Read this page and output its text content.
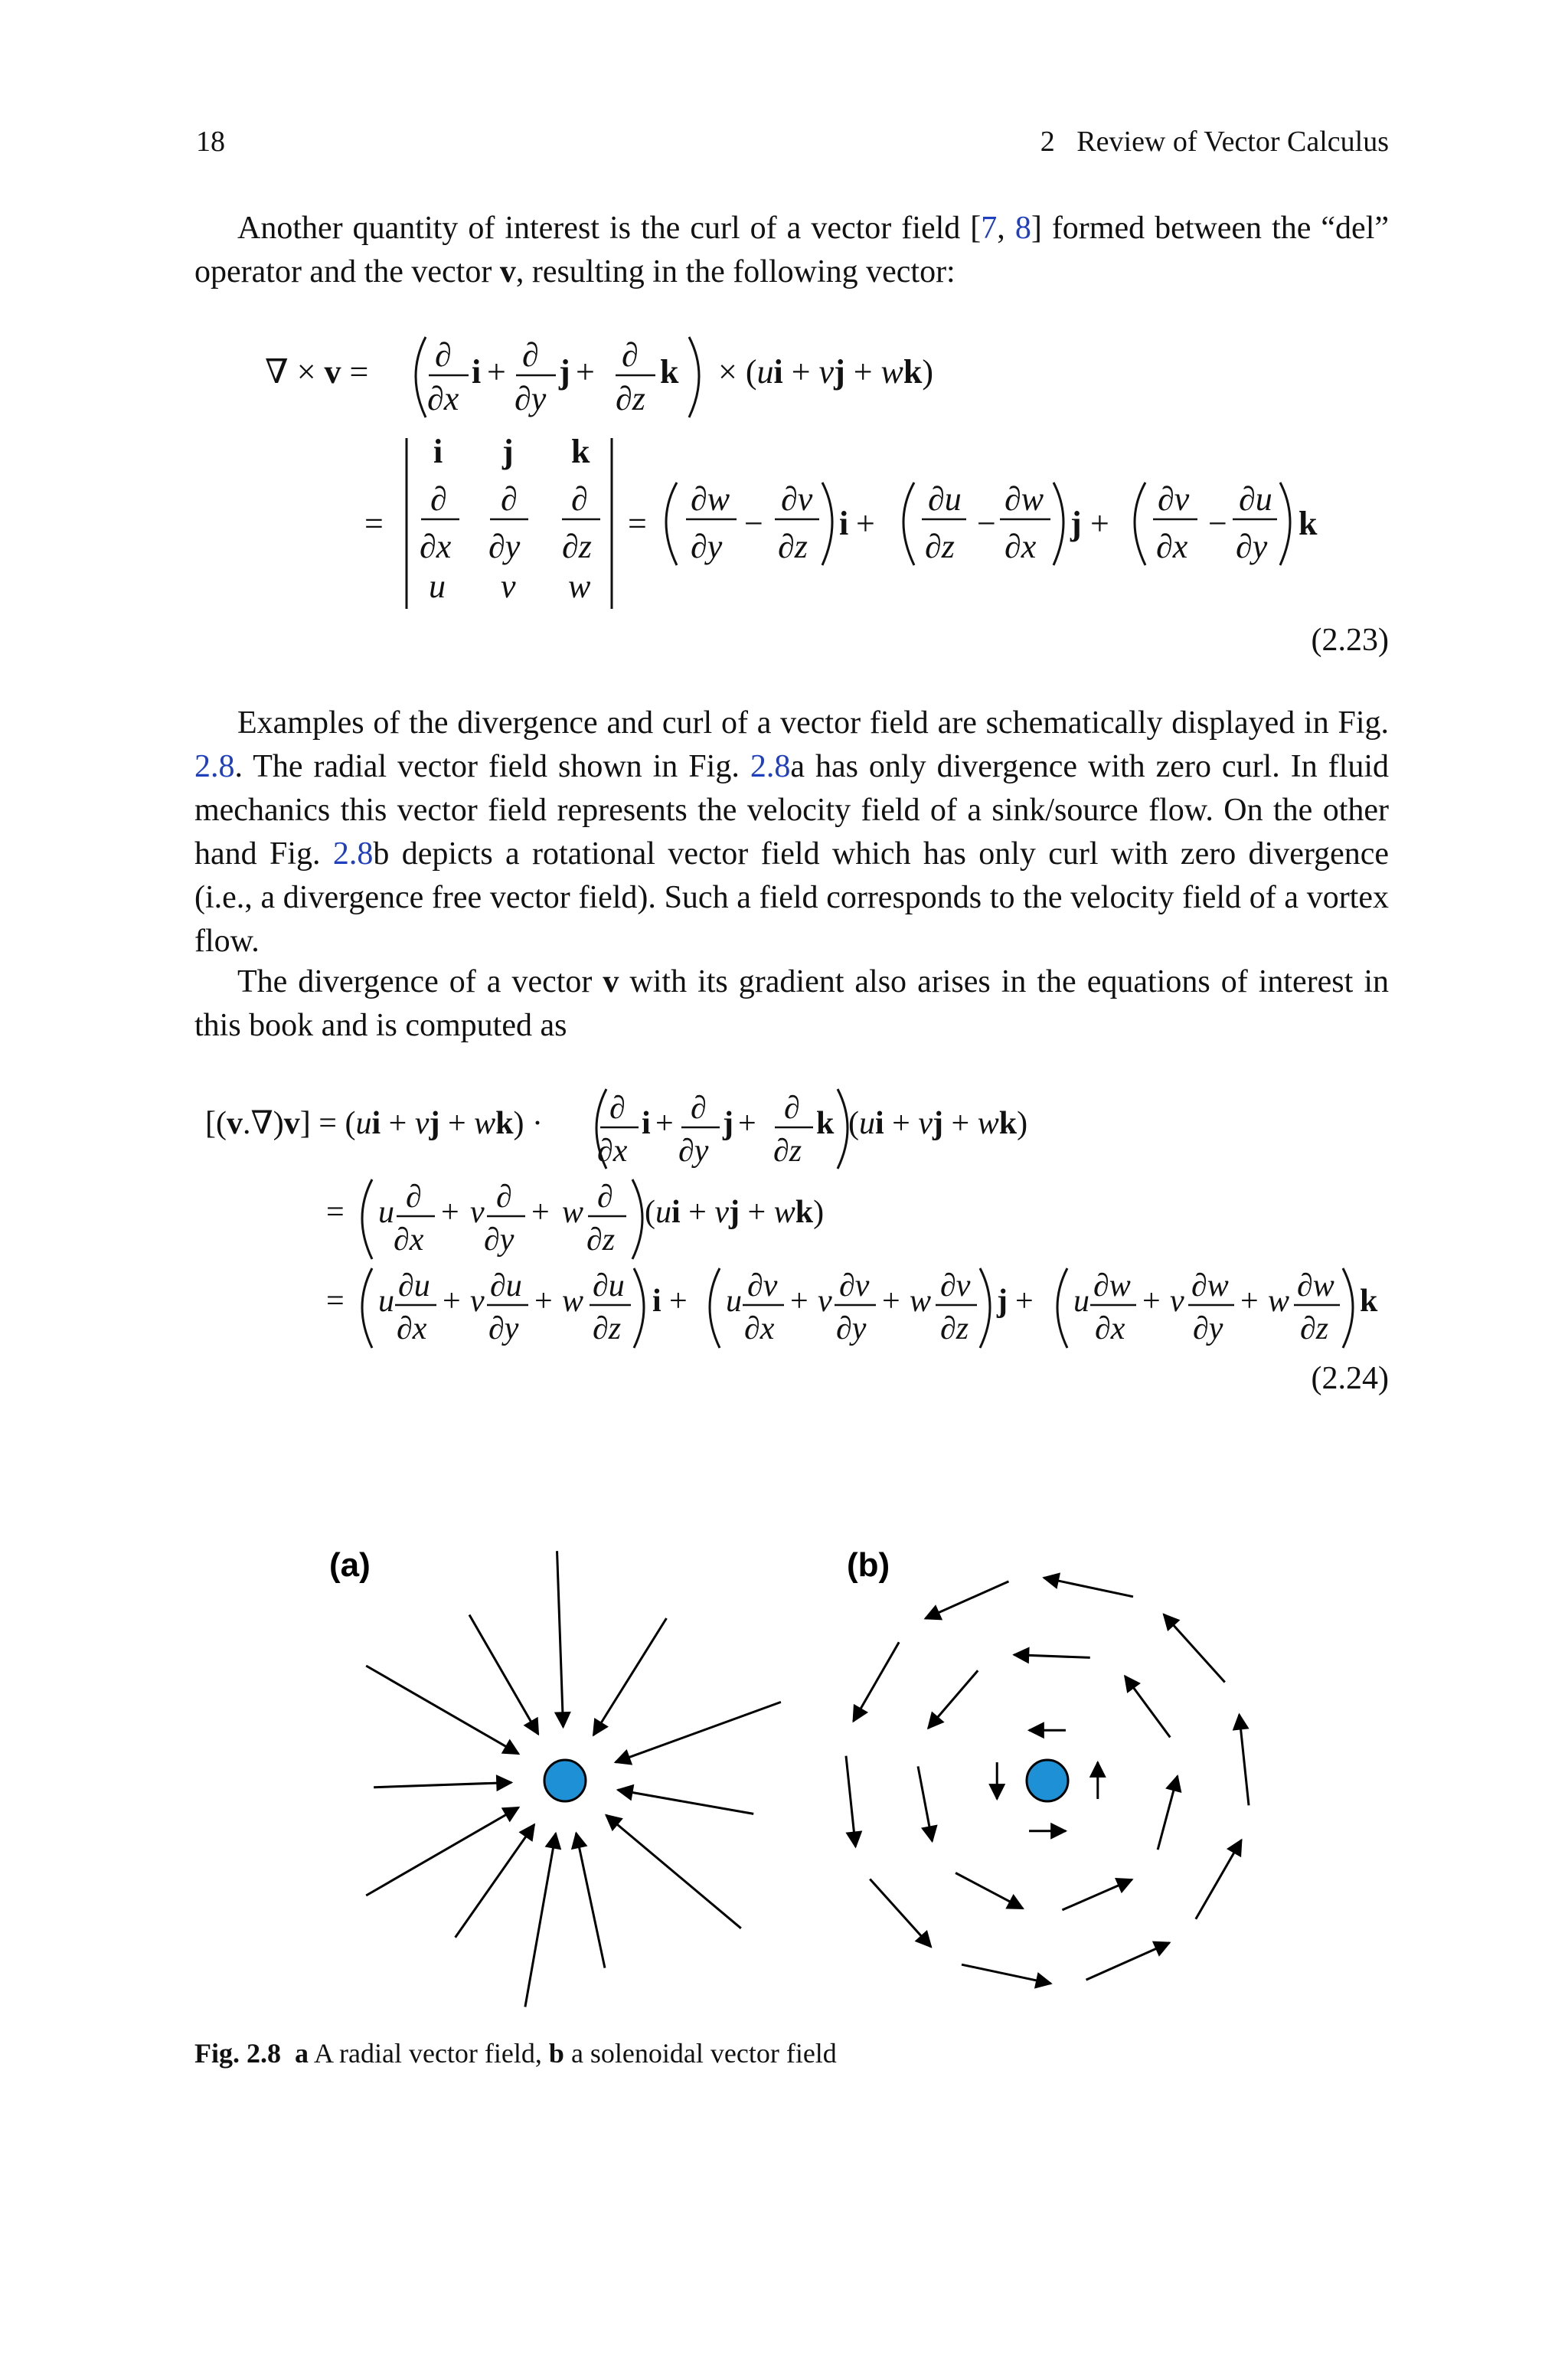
18	2   Review of Vector Calculus

Another quantity of interest is the curl of a vector field [7, 8] formed between the “del” operator and the vector v, resulting in the following vector:

∇ × v = ∂
∂x
i + ∂
∂y
j + ∂
∂z
k × (ui + vj + wk)
=
i j k
∂
∂x
∂
∂y
∂
∂z
u v w
=
∂w
∂y
−
∂v
∂z
i +
∂u
∂z
−
∂w
∂x
j +
∂v
∂x
−
∂u
∂y
k
(2.23)

Examples of the divergence and curl of a vector field are schematically displayed in Fig. 2.8. The radial vector field shown in Fig. 2.8a has only divergence with zero curl. In fluid mechanics this vector field represents the velocity field of a sink/source flow. On the other hand Fig. 2.8b depicts a rotational vector field which has only curl with zero divergence (i.e., a divergence free vector field). Such a field corresponds to the velocity field of a vortex flow.

The divergence of a vector v with its gradient also arises in the equations of interest in this book and is computed as

[(v.∇)v] = (ui + vj + wk) · ∂
∂x
i + ∂
∂y
j + ∂
∂z
k (ui + vj + wk)
= u ∂
∂x
+ v ∂
∂y
+ w ∂
∂z
(ui + vj + wk)
= u ∂u
∂x
+ v ∂u
∂y
+ w ∂u
∂z
i + u ∂v
∂x
+ v ∂v
∂y
+ w ∂v
∂z
j + u ∂w
∂x
+ v ∂w
∂y
+ w ∂w
∂z
k
(2.24)
(a)	(b)
Fig. 2.8 a A radial vector field, b a solenoidal vector field
